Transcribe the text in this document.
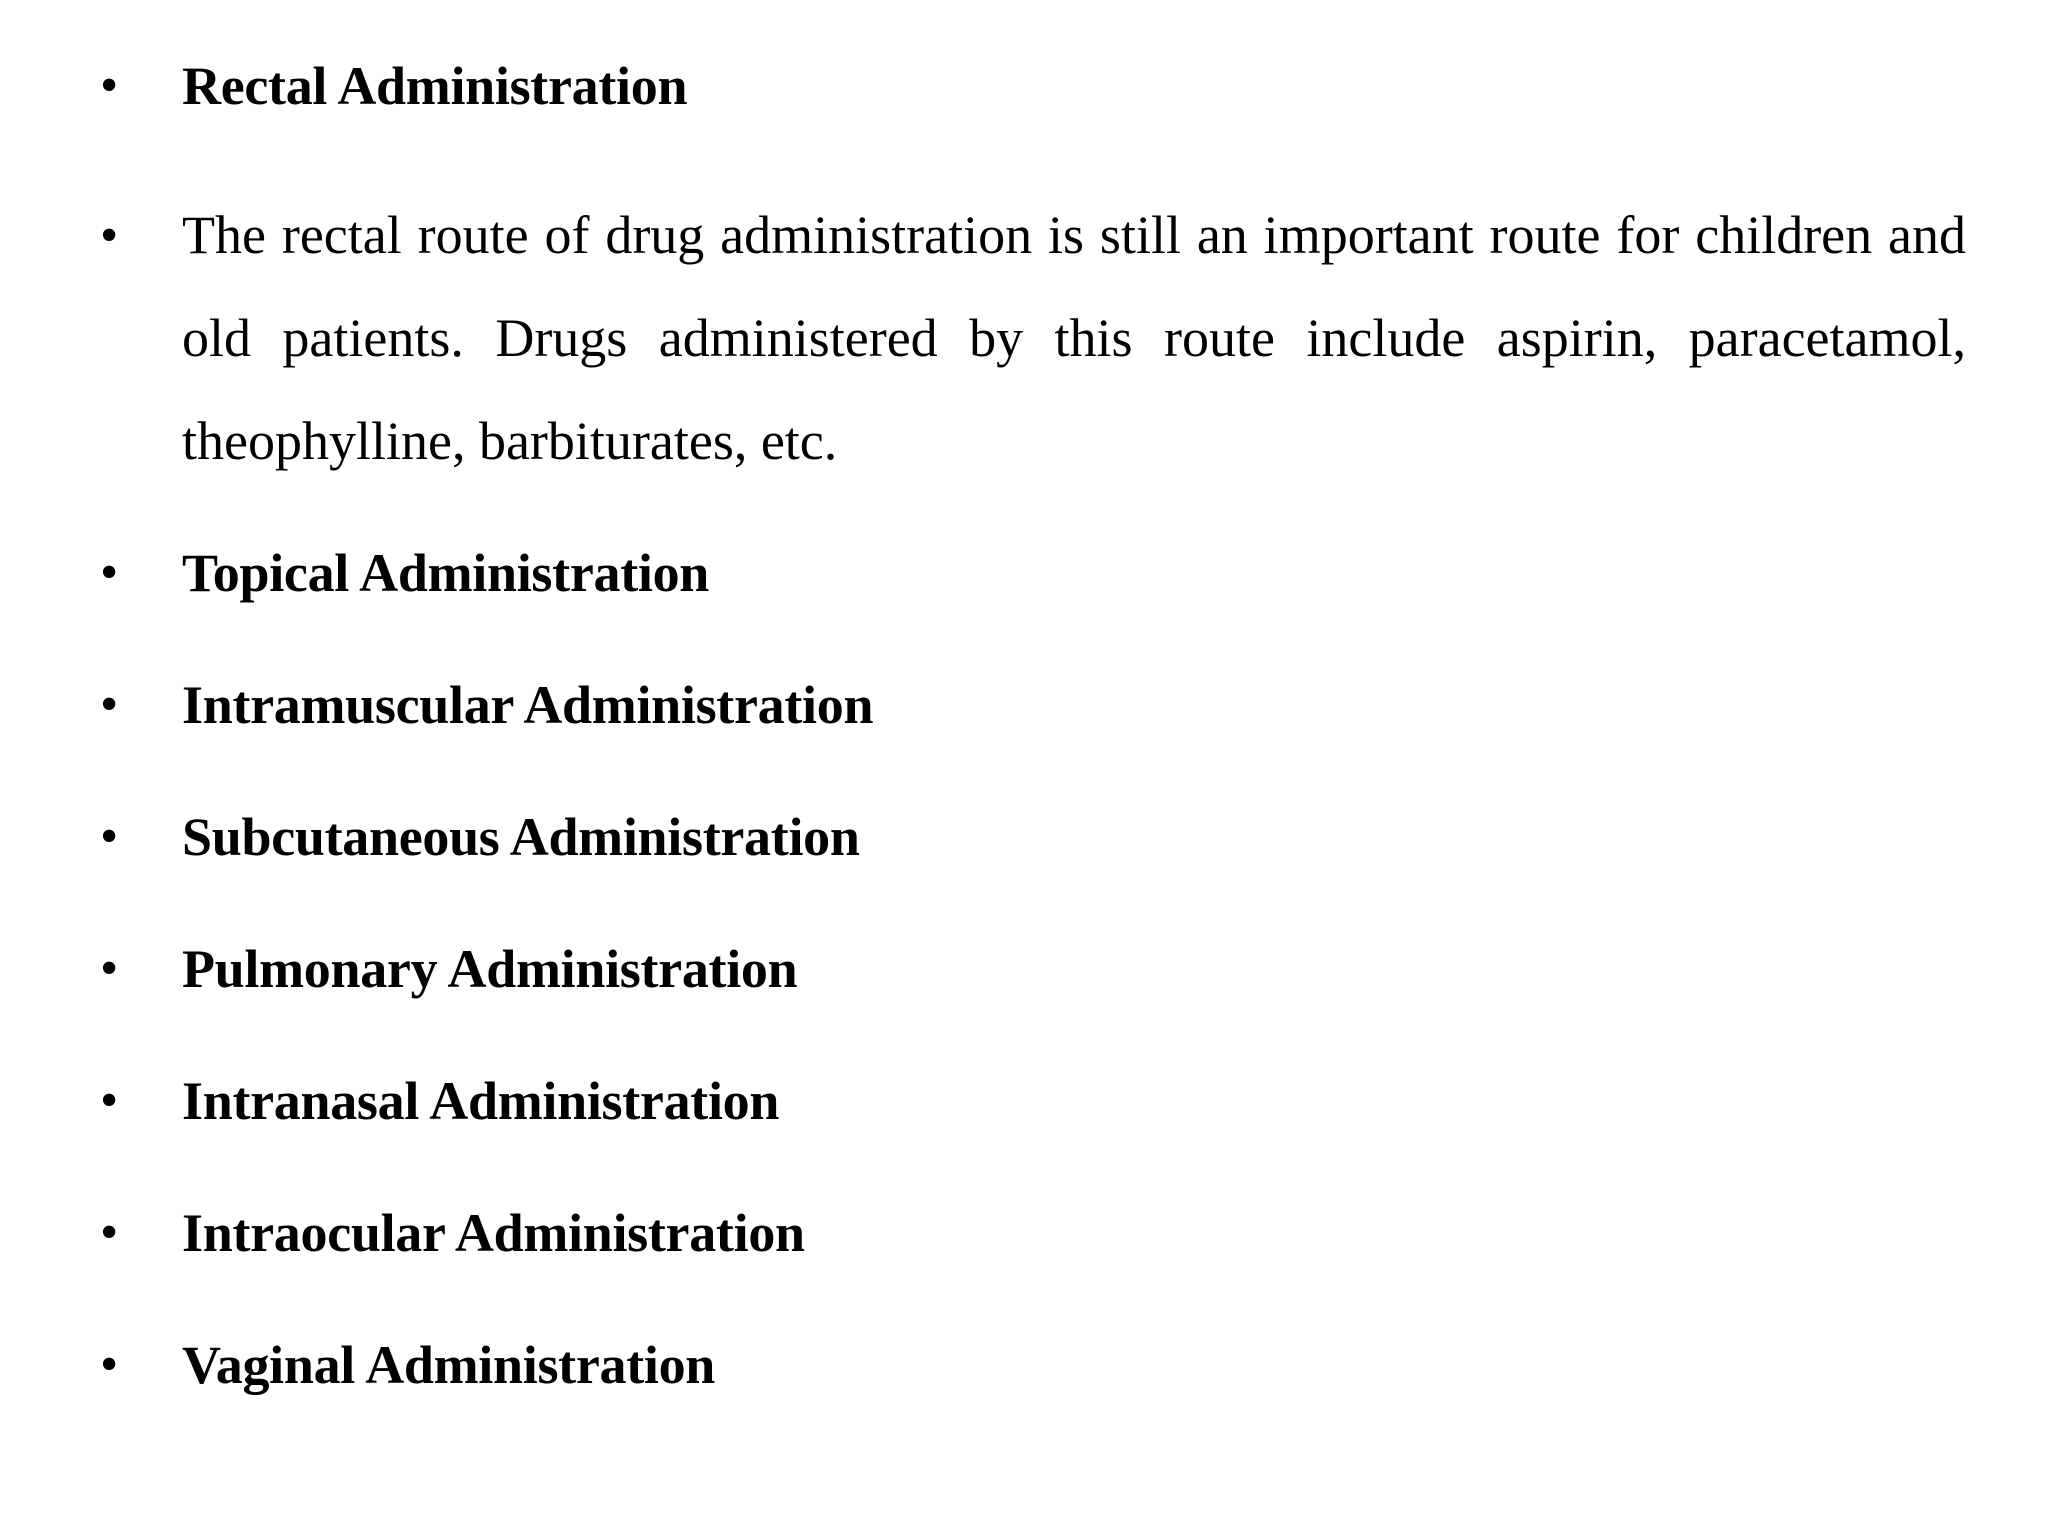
• Rectal Administration
• The rectal route of drug administration is still an important route for children and old patients. Drugs administered by this route include aspirin, paracetamol, theophylline, barbiturates, etc.
• Topical Administration
• Intramuscular Administration
• Subcutaneous Administration
• Pulmonary Administration
• Intranasal Administration
• Intraocular Administration
• Vaginal Administration
